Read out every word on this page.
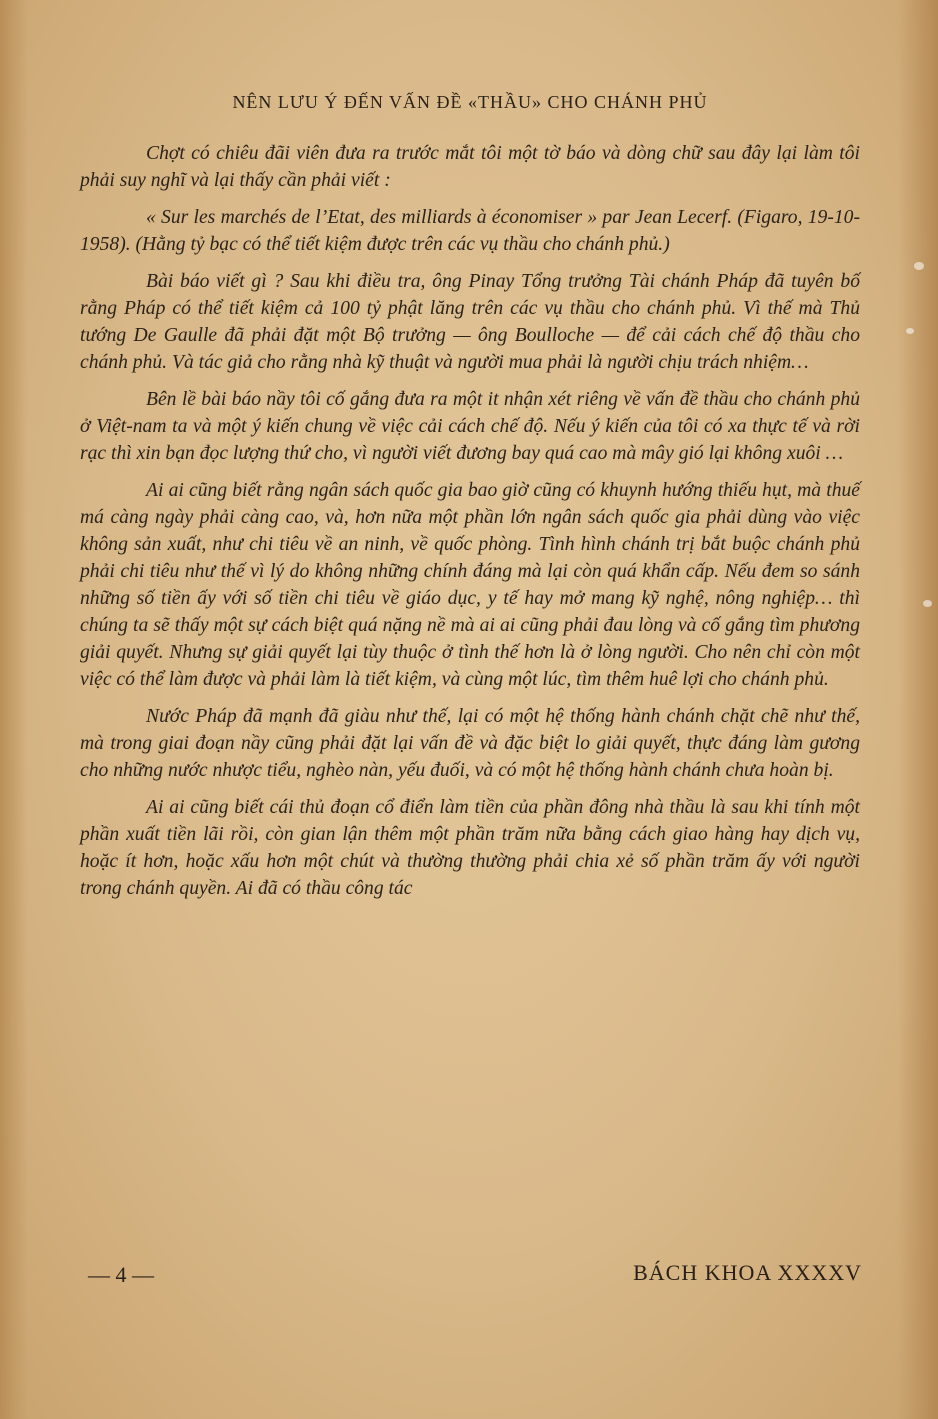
NÊN LƯU Ý ĐẾN VẤN ĐỀ «THẦU» CHO CHÁNH PHỦ

Chợt có chiêu đãi viên đưa ra trước mắt tôi một tờ báo và dòng chữ sau đây lại làm tôi phải suy nghĩ và lại thấy cần phải viết :

« Sur les marchés de l’Etat, des milliards à économiser » par Jean Lecerf. (Figaro, 19-10-1958). (Hằng tỷ bạc có thể tiết kiệm được trên các vụ thầu cho chánh phủ.)

Bài báo viết gì ? Sau khi điều tra, ông Pinay Tổng trưởng Tài chánh Pháp đã tuyên bố rằng Pháp có thể tiết kiệm cả 100 tỷ phật lăng trên các vụ thầu cho chánh phủ. Vì thế mà Thủ tướng De Gaulle đã phải đặt một Bộ trưởng — ông Boulloche — để cải cách chế độ thầu cho chánh phủ. Và tác giả cho rằng nhà kỹ thuật và người mua phải là người chịu trách nhiệm…

Bên lề bài báo nầy tôi cố gắng đưa ra một it nhận xét riêng về vấn đề thầu cho chánh phủ ở Việt-nam ta và một ý kiến chung về việc cải cách chế độ. Nếu ý kiến của tôi có xa thực tế và rời rạc thì xin bạn đọc lượng thứ cho, vì người viết đương bay quá cao mà mây gió lại không xuôi …

Ai ai cũng biết rằng ngân sách quốc gia bao giờ cũng có khuynh hướng thiếu hụt, mà thuế má càng ngày phải càng cao, và, hơn nữa một phần lớn ngân sách quốc gia phải dùng vào việc không sản xuất, như chi tiêu về an ninh, về quốc phòng. Tình hình chánh trị bắt buộc chánh phủ phải chi tiêu như thế vì lý do không những chính đáng mà lại còn quá khẩn cấp. Nếu đem so sánh những số tiền ấy với số tiền chi tiêu về giáo dục, y tế hay mở mang kỹ nghệ, nông nghiệp… thì chúng ta sẽ thấy một sự cách biệt quá nặng nề mà ai ai cũng phải đau lòng và cố gắng tìm phương giải quyết. Nhưng sự giải quyết lại tùy thuộc ở tình thế hơn là ở lòng người. Cho nên chỉ còn một việc có thể làm được và phải làm là tiết kiệm, và cùng một lúc, tìm thêm huê lợi cho chánh phủ.

Nước Pháp đã mạnh đã giàu như thế, lại có một hệ thống hành chánh chặt chẽ như thế, mà trong giai đoạn nầy cũng phải đặt lại vấn đề và đặc biệt lo giải quyết, thực đáng làm gương cho những nước nhược tiểu, nghèo nàn, yếu đuối, và có một hệ thống hành chánh chưa hoàn bị.

Ai ai cũng biết cái thủ đoạn cổ điển làm tiền của phần đông nhà thầu là sau khi tính một phần xuất tiền lãi rồi, còn gian lận thêm một phần trăm nữa bằng cách giao hàng hay dịch vụ, hoặc ít hơn, hoặc xấu hơn một chút và thường thường phải chia xẻ số phần trăm ấy với người trong chánh quyền. Ai đã có thầu công tác

— 4 —	BÁCH KHOA XXXXV
